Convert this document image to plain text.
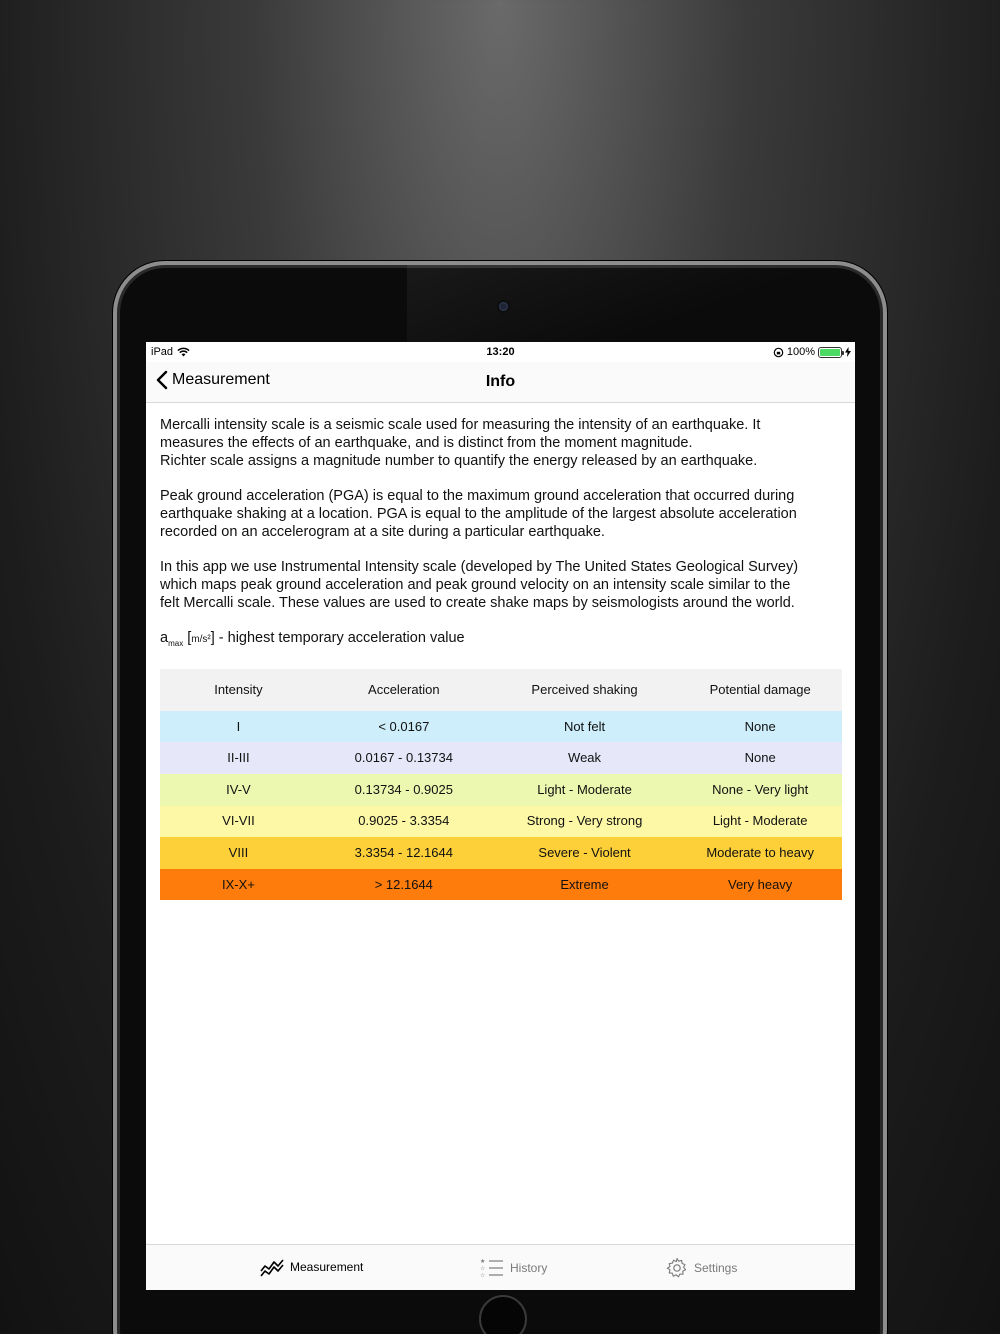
iPad	13:20	100%
Measurement	Info
Mercalli intensity scale is a seismic scale used for measuring the intensity of an earthquake. It
measures the effects of an earthquake, and is distinct from the moment magnitude.
Richter scale assigns a magnitude number to quantify the energy released by an earthquake.
Peak ground acceleration (PGA) is equal to the maximum ground acceleration that occurred during
earthquake shaking at a location. PGA is equal to the amplitude of the largest absolute acceleration
recorded on an accelerogram at a site during a particular earthquake.
In this app we use Instrumental Intensity scale (developed by The United States Geological Survey)
which maps peak ground acceleration and peak ground velocity on an intensity scale similar to the
felt Mercalli scale. These values are used to create shake maps by seismologists around the world.
$a_{max}$ [m/s²] - highest temporary acceleration value
Intensity	Acceleration	Perceived shaking	Potential damage
I	< 0.0167	Not felt	None
II-III	0.0167 - 0.13734	Weak	None
IV-V	0.13734 - 0.9025	Light - Moderate	None - Very light
VI-VII	0.9025 - 3.3354	Strong - Very strong	Light - Moderate
VIII	3.3354 - 12.1644	Severe - Violent	Moderate to heavy
IX-X+	> 12.1644	Extreme	Very heavy
Measurement	★
☆
☆
History	Settings
